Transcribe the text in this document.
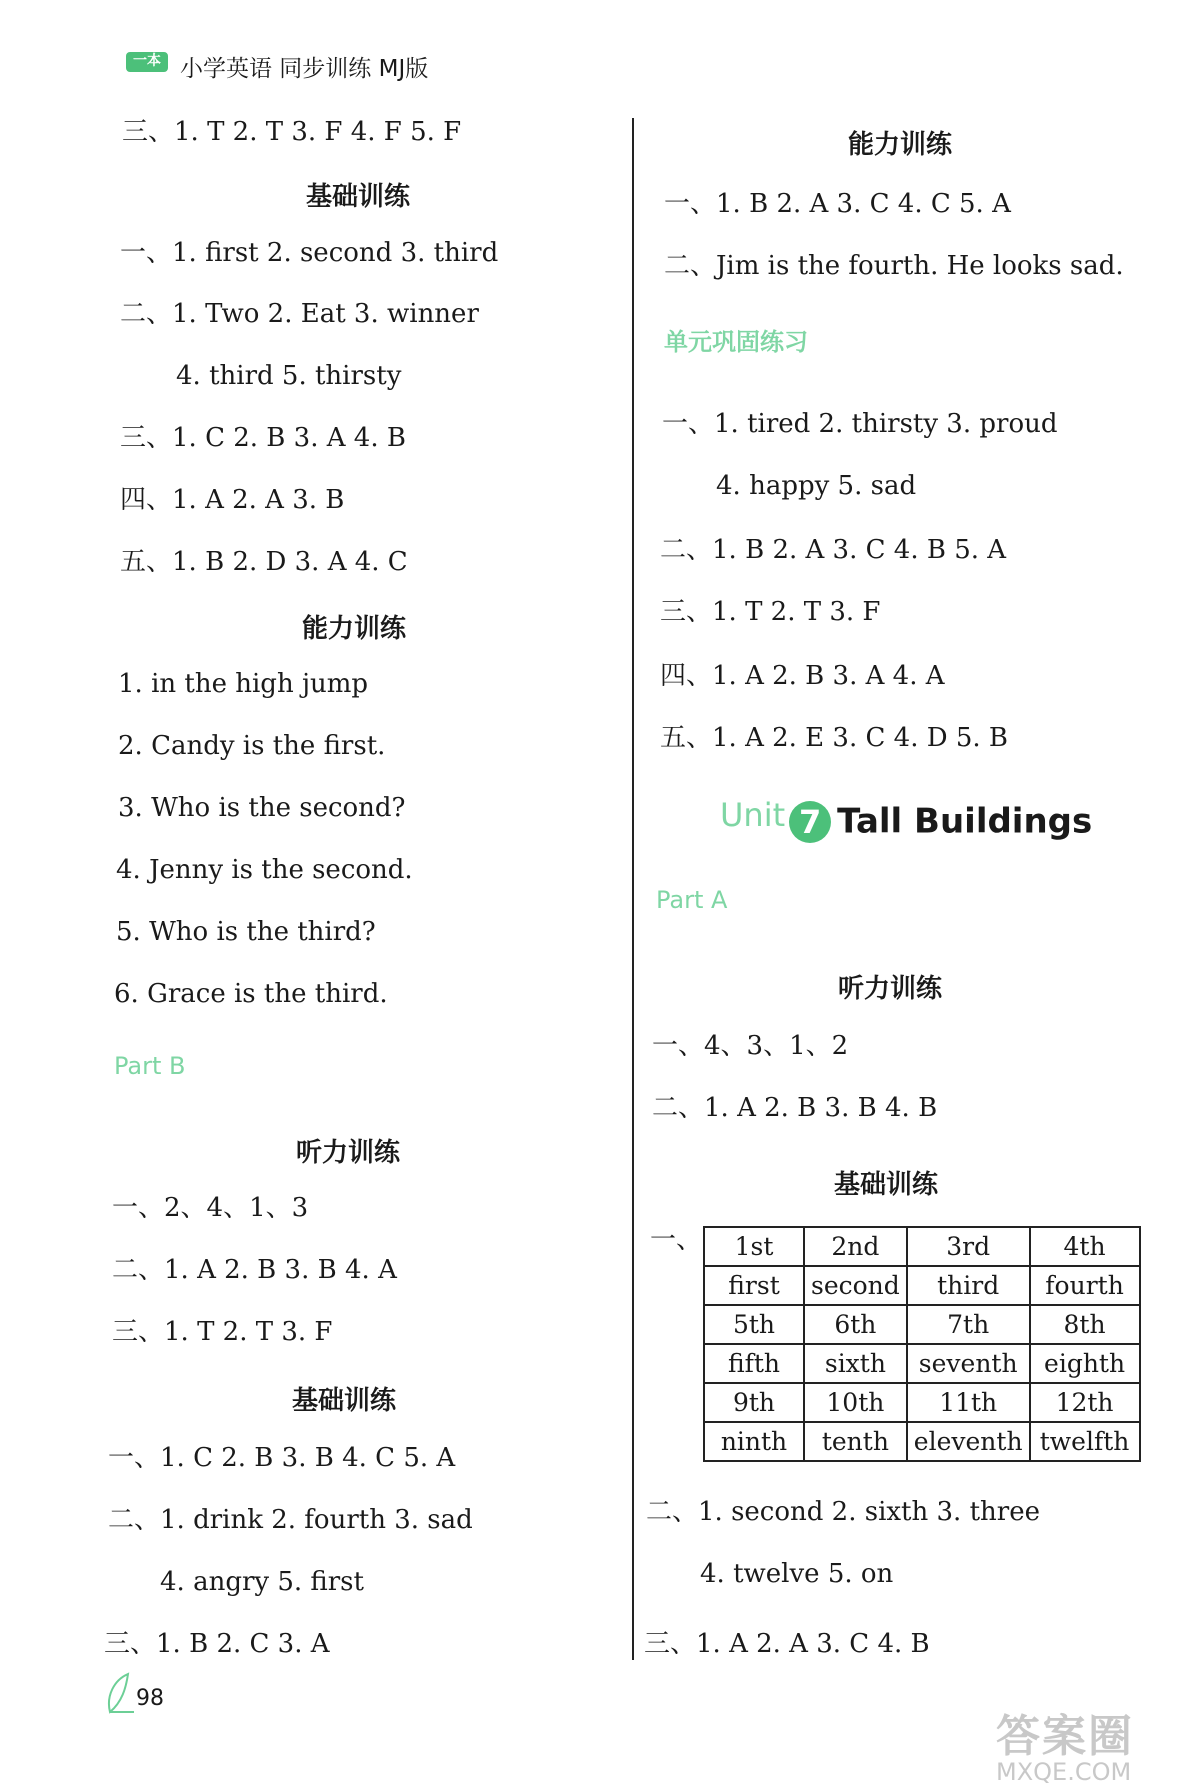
一本 小学英语 同步训练 MJ版
三、1. T 2. T 3. F 4. F 5. F
基础训练
一、1. first 2. second 3. third
二、1. Two 2. Eat 3. winner
4. third 5. thirsty
三、1. C 2. B 3. A 4. B
四、1. A 2. A 3. B
五、1. B 2. D 3. A 4. C
能力训练
1. in the high jump
2. Candy is the first.
3. Who is the second?
4. Jenny is the second.
5. Who is the third?
6. Grace is the third.
Part B
听力训练
一、2、4、1、3
二、1. A 2. B 3. B 4. A
三、1. T 2. T 3. F
基础训练
一、1. C 2. B 3. B 4. C 5. A
二、1. drink 2. fourth 3. sad
4. angry 5. first
三、1. B 2. C 3. A
能力训练
一、1. B 2. A 3. C 4. C 5. A
二、Jim is the fourth. He looks sad.
单元巩固练习
一、1. tired 2. thirsty 3. proud
4. happy 5. sad
二、1. B 2. A 3. C 4. B 5. A
三、1. T 2. T 3. F
四、1. A 2. B 3. A 4. A
五、1. A 2. E 3. C 4. D 5. B
Unit 7 Tall Buildings
Part A
听力训练
一、4、3、1、2
二、1. A 2. B 3. B 4. B
基础训练
一、 1st	2nd	3rd	4th
first	second	third	fourth
5th	6th	7th	8th
fifth	sixth	seventh	eighth
9th	10th	11th	12th
ninth	tenth	eleventh	twelfth
二、1. second 2. sixth 3. three
4. twelve 5. on
三、1. A 2. A 3. C 4. B
98
答案圈
MXQE.COM
